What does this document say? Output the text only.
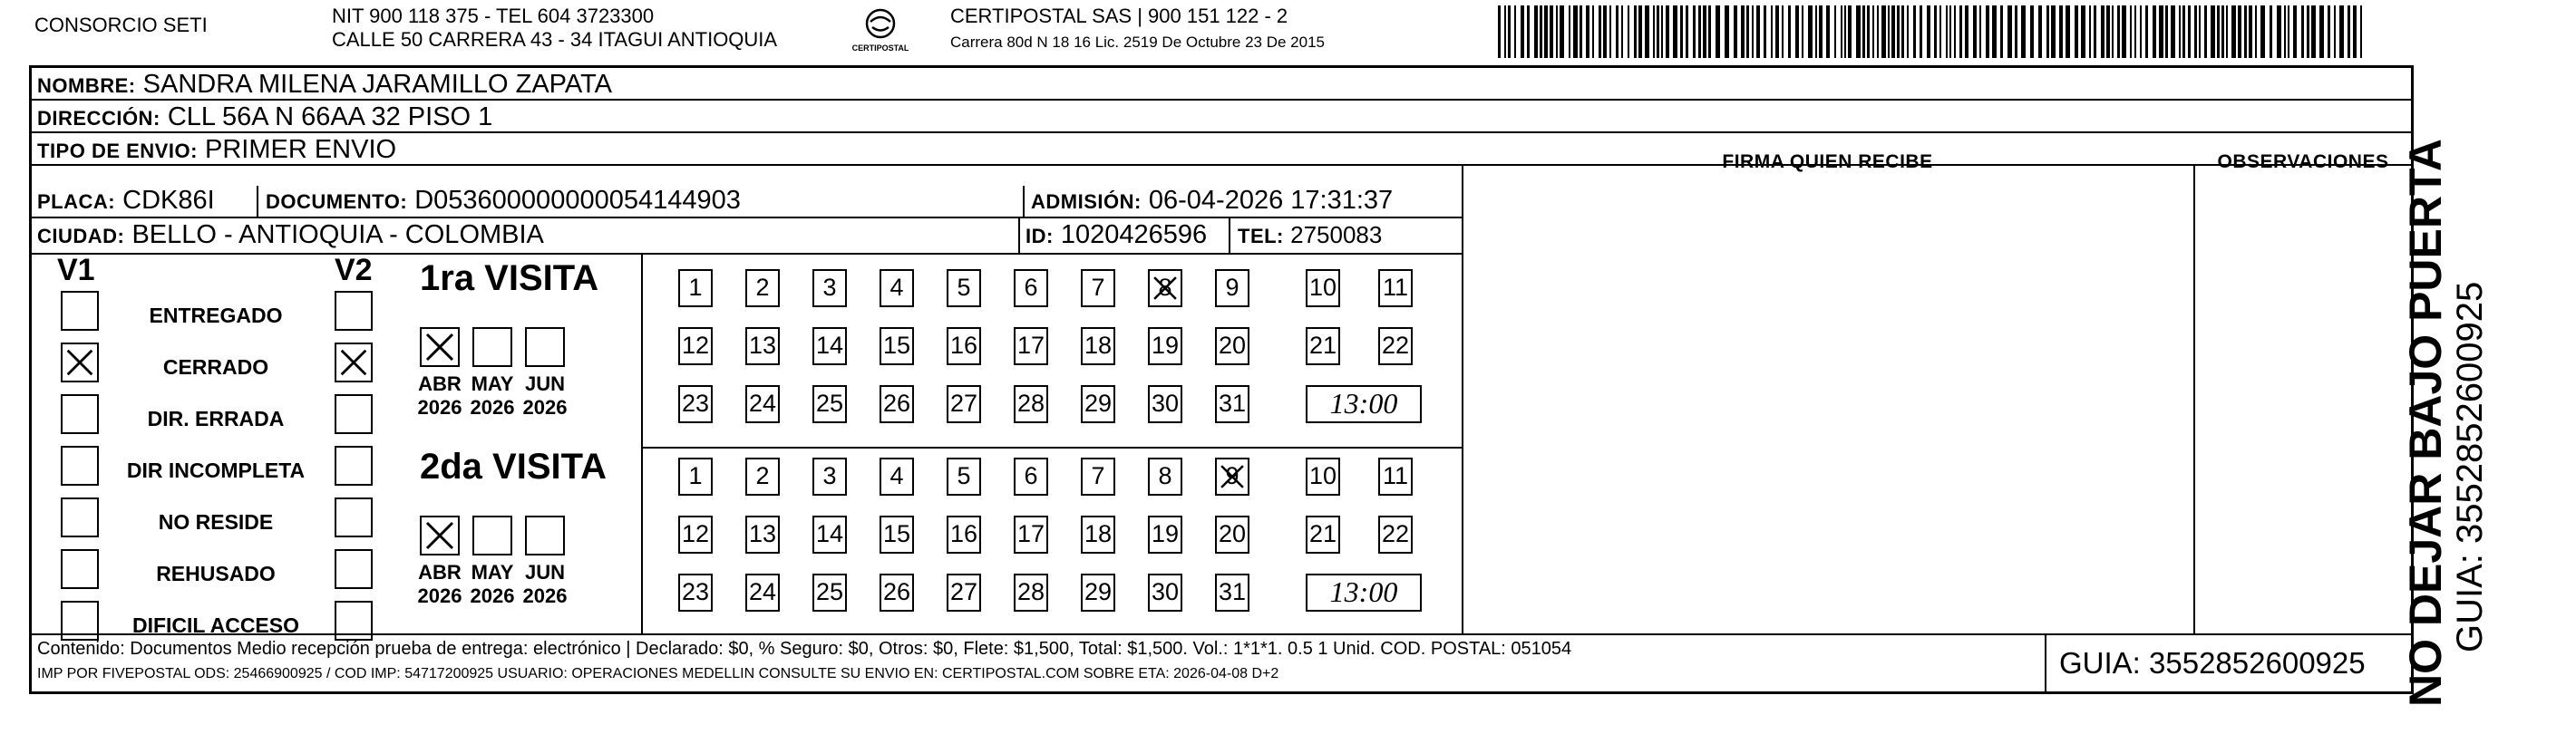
CONSORCIO SETI	NIT 900 118 375 - TEL 604 3723300
CALLE 50 CARRERA 43 - 34 ITAGUI ANTIOQUIA	CERTIPOSTAL
CERTIPOSTAL SAS | 900 151 122 - 2
Carrera 80d N 18 16 Lic. 2519 De Octubre 23 De 2015
NOMBRE: SANDRA MILENA JARAMILLO ZAPATA
DIRECCIÓN: CLL 56A N 66AA 32 PISO 1
TIPO DE ENVIO: PRIMER ENVIO	FIRMA QUIEN RECIBE	OBSERVACIONES
PLACA: CDK86I	DOCUMENTO: D053600000000054144903	ADMISIÓN: 06-04-2026 17:31:37
CIUDAD: BELLO - ANTIOQUIA - COLOMBIA	ID: 1020426596 TEL: 2750083
V1	V2
ENTREGADO
CERRADO
DIR. ERRADA
DIR INCOMPLETA
NO RESIDE
REHUSADO
DIFICIL ACCESO
1ra VISITA
ABR
2026
MAY
2026
JUN
2026
1	2	3	4	5	6	7	8	9	10 11
12 13 14 15 16 17 18 19 20	21 22
23 24 25 26 27 28 29 30 31	13:00
2da VISITA
ABR
2026
MAY
2026
JUN
2026
1	2	3	4	5	6	7	8	9	10 11
12 13 14 15 16 17 18 19 20	21 22
23 24 25 26 27 28 29 30 31	13:00
Contenido: Documentos Medio recepción prueba de entrega: electrónico | Declarado: $0, % Seguro: $0, Otros: $0, Flete: $1,500, Total: $1,500. Vol.: 1*1*1. 0.5 1 Unid. COD. POSTAL: 051054
IMP POR FIVEPOSTAL ODS: 25466900925 / COD IMP: 54717200925 USUARIO: OPERACIONES MEDELLIN CONSULTE SU ENVIO EN: CERTIPOSTAL.COM SOBRE ETA: 2026-04-08 D+2	GUIA: 3552852600925 NO DEJAR BAJO PUERTA GUIA: 3552852600925
